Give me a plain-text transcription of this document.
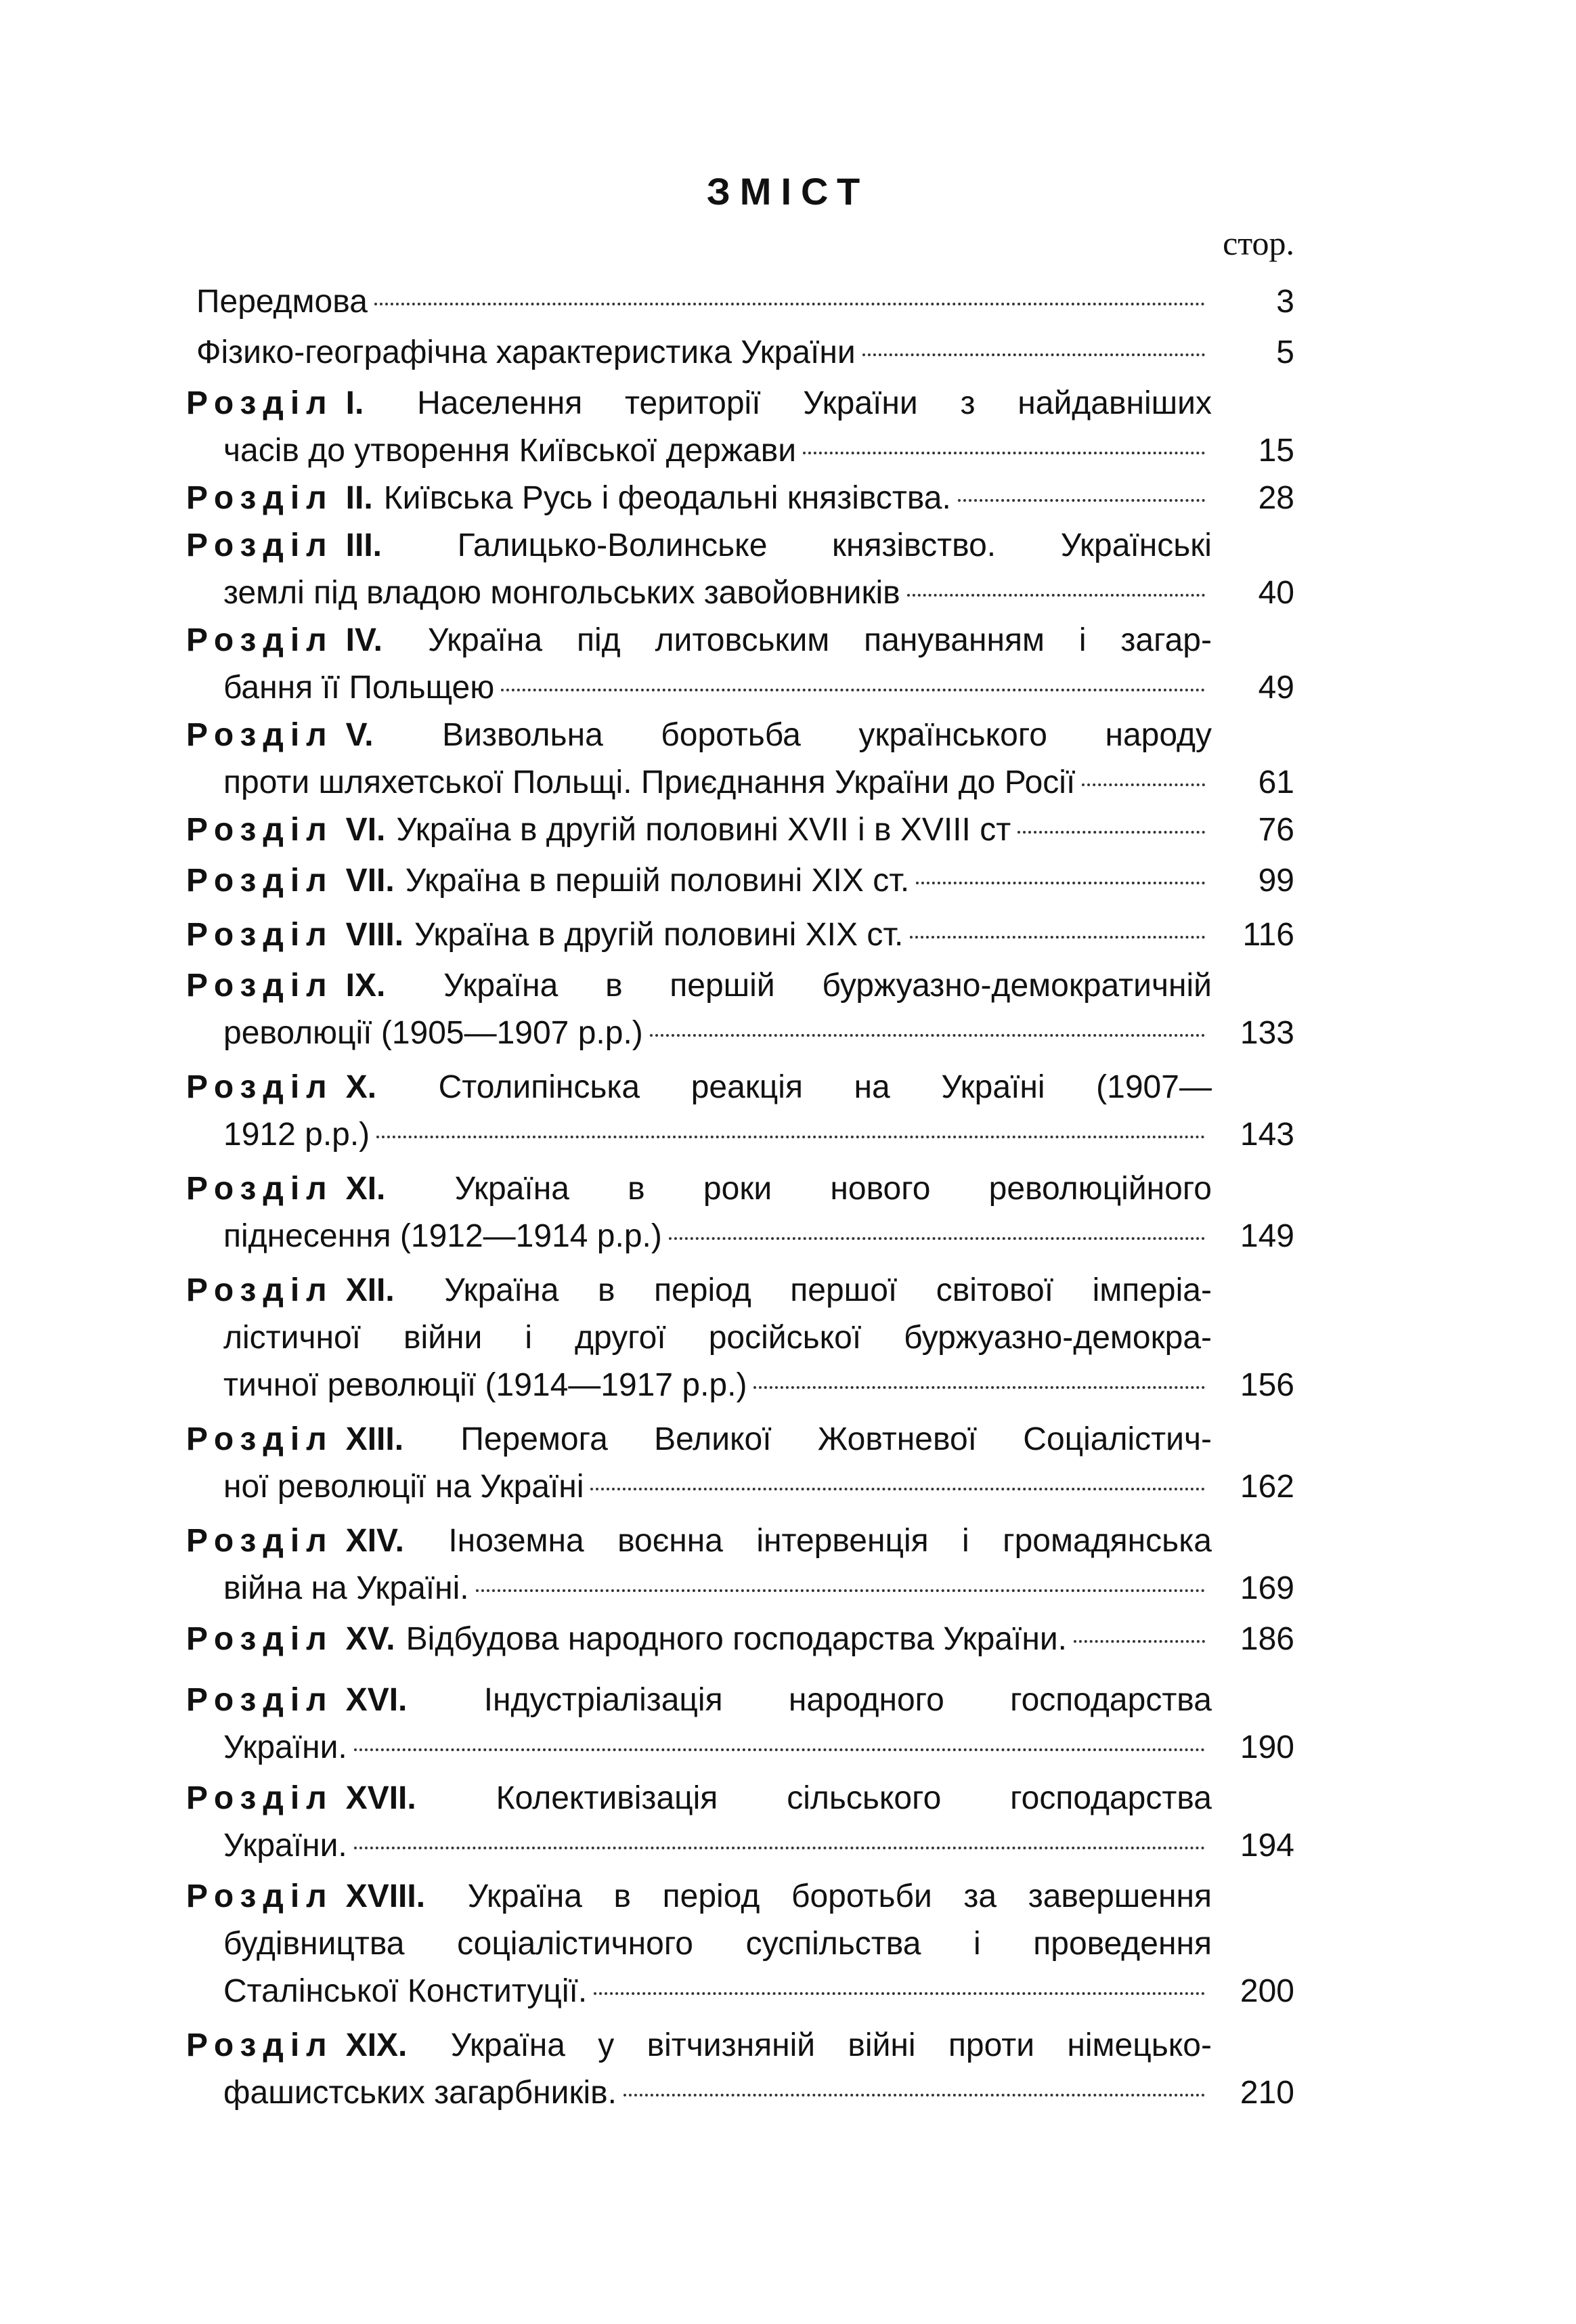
ЗМІСТ
стор.
Передмова	3
Фізико-географічна характеристика України	5
Розділ I.	Населення території України з найдавніших
часів до утворення Київської держави	15
Розділ II. Київська Русь і феодальні князівства.	28
Розділ III.	Галицько-Волинське князівство. Українські
землі під владою монгольських завойовників	40
Розділ IV.	Україна під литовським пануванням і загар-
бання її Польщею	49
Розділ V.	Визвольна боротьба українського народу
проти шляхетської Польщі. Приєднання України до Росії	61
Розділ VI. Україна в другій половині XVII і в XVIII ст	76
Розділ VII. Україна в першій половині XIX ст.	99
Розділ VIII. Україна в другій половині XIX ст.	116
Розділ IX.	Україна в першій буржуазно-демократичній
революції (1905—1907 р.р.)	133
Розділ X.	Столипінська реакція на Україні (1907—
1912 р.р.)	143
Розділ XI.	Україна в роки нового революційного
піднесення (1912—1914 р.р.)	149
Розділ XII.	Україна в період першої світової імперіа-
лістичної війни і другої російської буржуазно-демокра-
тичної революції (1914—1917 р.р.)	156
Розділ XIII.	Перемога Великої Жовтневої Соціалістич-
ної революції на Україні	162
Розділ XIV.	Іноземна воєнна інтервенція і громадянська
війна на Україні.	169
Розділ XV. Відбудова народного господарства України.	186
Розділ XVI.	Індустріалізація народного господарства
України.	190
Розділ XVII.	Колективізація сільського господарства
України.	194
Розділ XVIII.	Україна в період боротьби за завершення
будівництва соціалістичного суспільства і проведення
Сталінської Конституції.	200
Розділ XIX.	Україна у вітчизняній війні проти німецько-
фашистських загарбників.	210
